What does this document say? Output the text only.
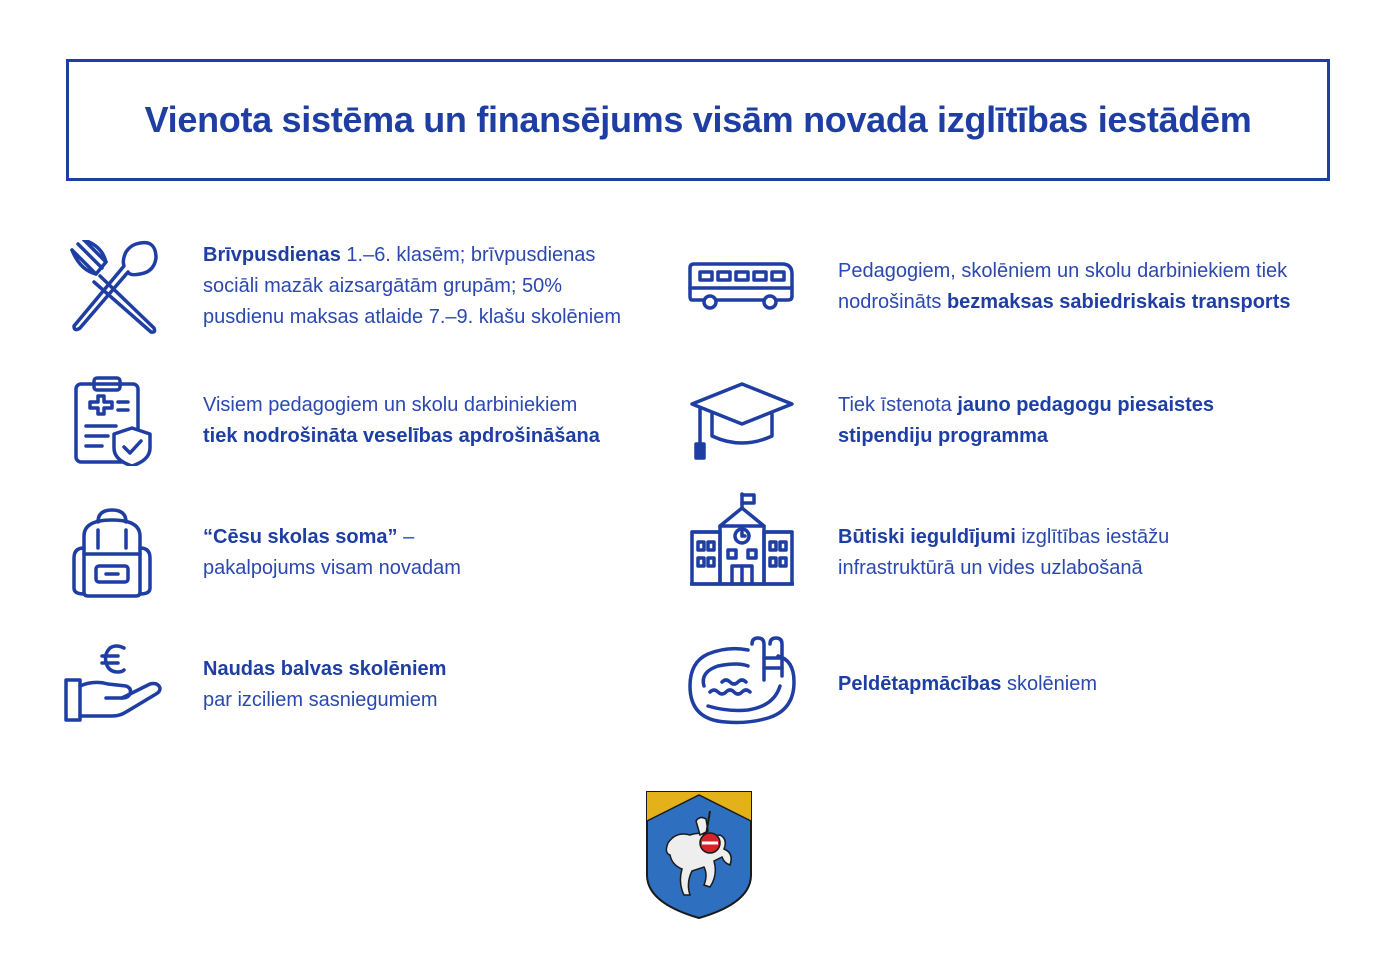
Vienota sistēma un finansējums visām novada izglītības iestādēm
Brīvpusdienas 1.–6. klasēm; brīvpusdienas
sociāli mazāk aizsargātām grupām; 50%
pusdienu maksas atlaide 7.–9. klašu skolēniem
Visiem pedagogiem un skolu darbiniekiem
tiek nodrošināta veselības apdrošināšana
“Cēsu skolas soma” –
pakalpojums visam novadam
Naudas balvas skolēniem
par izciliem sasniegumiem
Pedagogiem, skolēniem un skolu darbiniekiem tiek
nodrošināts bezmaksas sabiedriskais transports
Tiek īstenota jauno pedagogu piesaistes
stipendiju programma
Būtiski ieguldījumi izglītības iestāžu
infrastruktūrā un vides uzlabošanā
Peldētapmācības skolēniem
